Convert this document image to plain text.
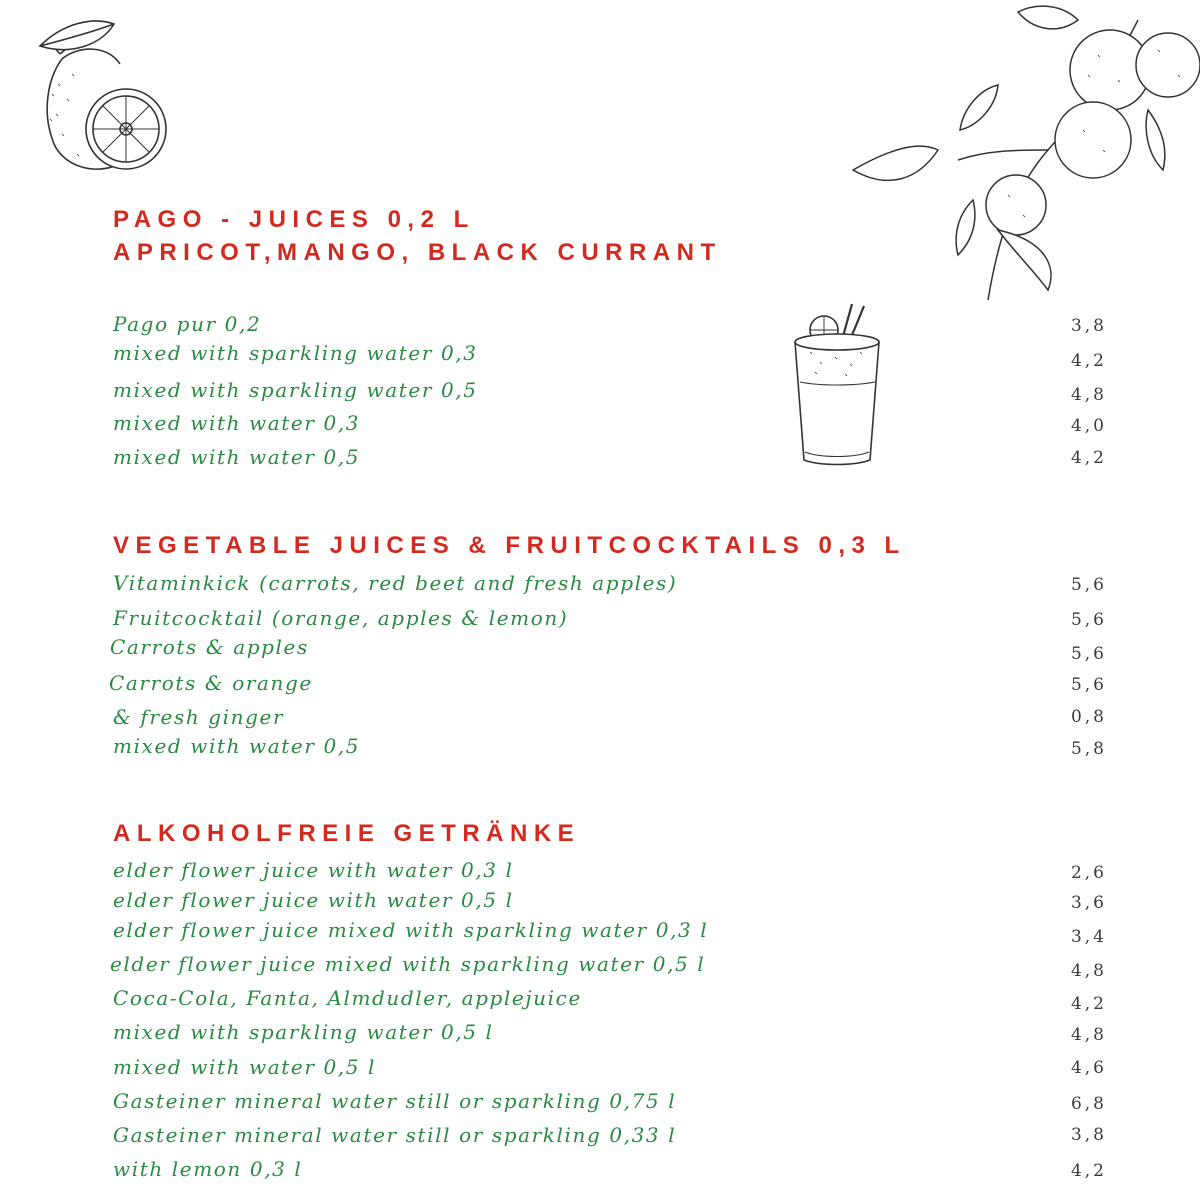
PAGO - JUICES 0,2 L
APRICOT,MANGO, BLACK CURRANT
Pago pur 0,2	3,8
mixed with sparkling water 0,3	4,2
mixed with sparkling water 0,5	4,8
mixed with water 0,3	4,0
mixed with water 0,5	4,2
VEGETABLE JUICES & FRUITCOCKTAILS 0,3 L
Vitaminkick (carrots, red beet and fresh apples)	5,6
Fruitcocktail (orange, apples & lemon)	5,6
Carrots & apples	5,6
Carrots & orange	5,6
& fresh ginger	0,8
mixed with water 0,5	5,8
ALKOHOLFREIE GETRÄNKE
elder flower juice with water 0,3 l	2,6
elder flower juice with water 0,5 l	3,6
elder flower juice mixed with sparkling water 0,3 l	3,4
elder flower juice mixed with sparkling water 0,5 l	4,8
Coca-Cola, Fanta, Almdudler, applejuice	4,2
mixed with sparkling water 0,5 l	4,8
mixed with water 0,5 l	4,6
Gasteiner mineral water still or sparkling 0,75 l	6,8
Gasteiner mineral water still or sparkling 0,33 l	3,8
with lemon 0,3 l	4,2
